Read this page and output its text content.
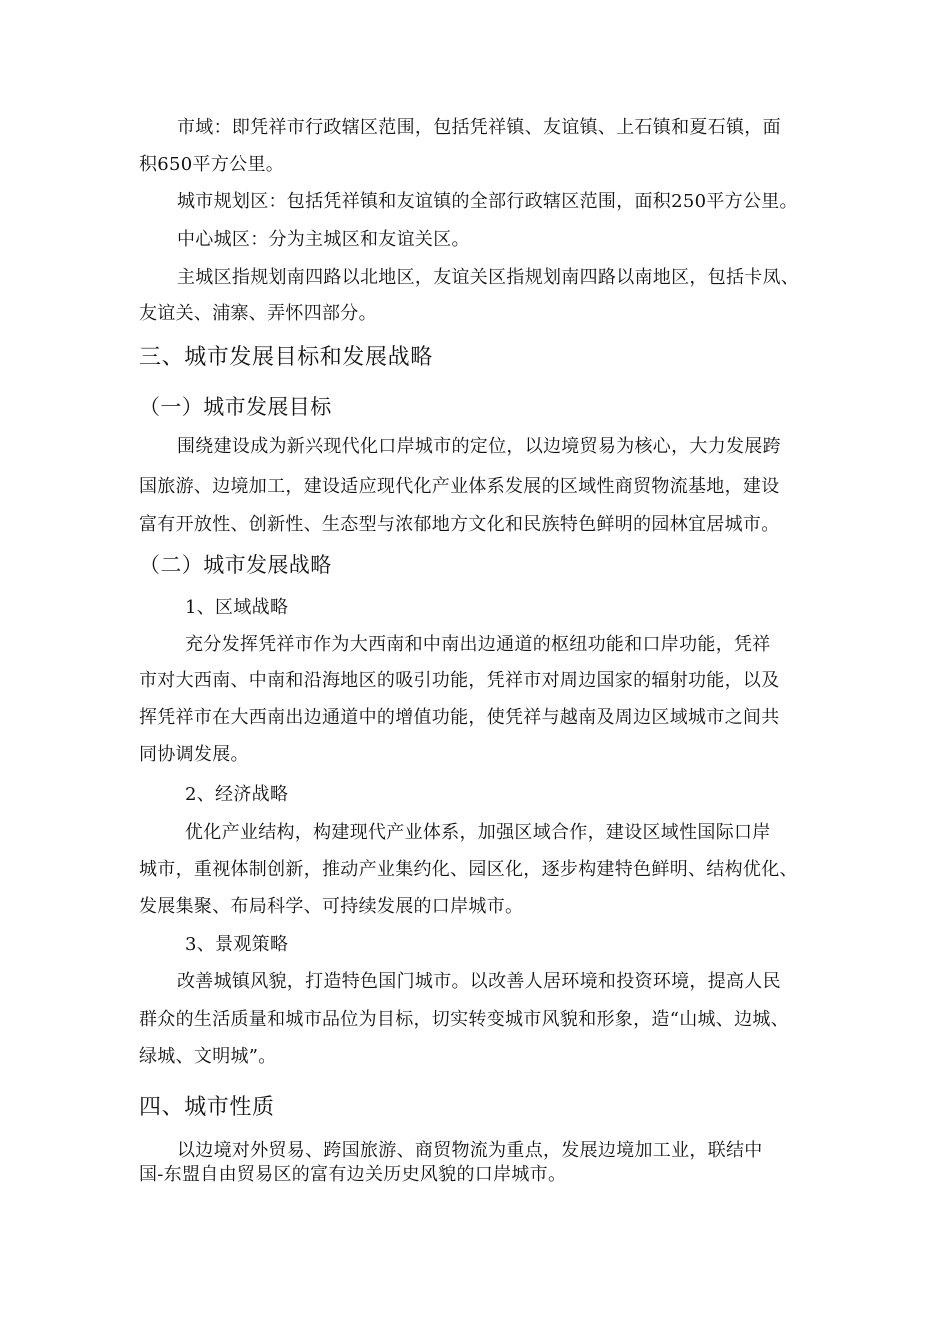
市域：即凭祥市行政辖区范围，包括凭祥镇、友谊镇、上石镇和夏石镇，面
积650平方公里。
城市规划区：包括凭祥镇和友谊镇的全部行政辖区范围，面积250平方公里。
中心城区：分为主城区和友谊关区。
主城区指规划南四路以北地区，友谊关区指规划南四路以南地区，包括卡凤、
友谊关、浦寨、弄怀四部分。
三、城市发展目标和发展战略
（一）城市发展目标
围绕建设成为新兴现代化口岸城市的定位，以边境贸易为核心，大力发展跨
国旅游、边境加工，建设适应现代化产业体系发展的区域性商贸物流基地，建设
富有开放性、创新性、生态型与浓郁地方文化和民族特色鲜明的园林宜居城市。
（二）城市发展战略
1、区域战略
充分发挥凭祥市作为大西南和中南出边通道的枢纽功能和口岸功能，凭祥
市对大西南、中南和沿海地区的吸引功能，凭祥市对周边国家的辐射功能，以及
挥凭祥市在大西南出边通道中的增值功能，使凭祥与越南及周边区域城市之间共
同协调发展。
2、经济战略
优化产业结构，构建现代产业体系，加强区域合作，建设区域性国际口岸
城市，重视体制创新，推动产业集约化、园区化，逐步构建特色鲜明、结构优化、
发展集聚、布局科学、可持续发展的口岸城市。
3、景观策略
改善城镇风貌，打造特色国门城市。以改善人居环境和投资环境，提高人民
群众的生活质量和城市品位为目标，切实转变城市风貌和形象，造“山城、边城、
绿城、文明城”。
四、城市性质
以边境对外贸易、跨国旅游、商贸物流为重点，发展边境加工业，联结中
国-东盟自由贸易区的富有边关历史风貌的口岸城市。
